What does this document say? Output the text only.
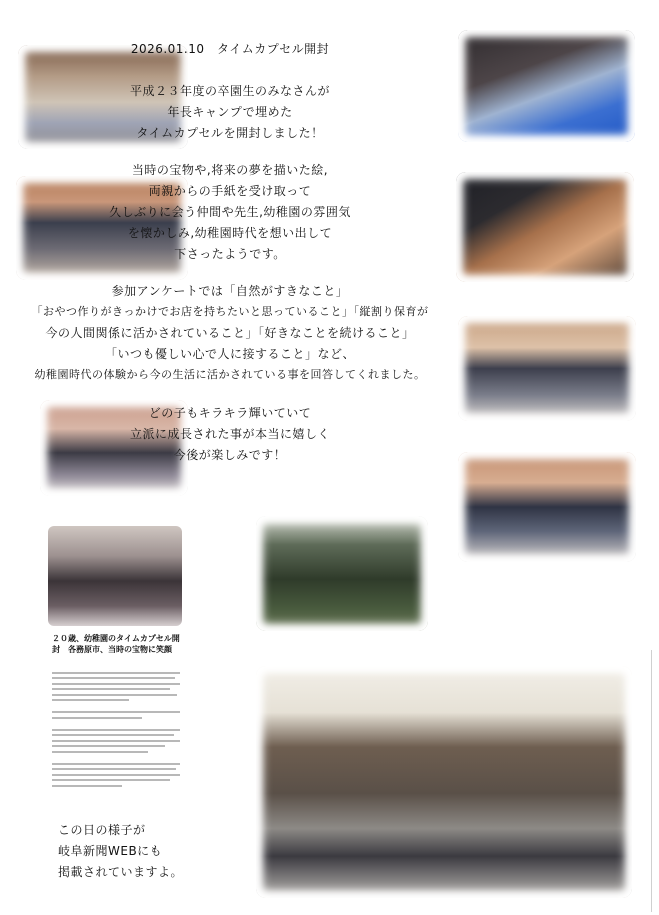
２０歳、幼稚園のタイムカプセル開封　各務原市、当時の宝物に笑顔
2026.01.10　タイムカプセル開封
平成２３年度の卒園生のみなさんが
年長キャンプで埋めた
タイムカプセルを開封しました！
当時の宝物や,将来の夢を描いた絵,
両親からの手紙を受け取って
久しぶりに会う仲間や先生,幼稚園の雰囲気
を懐かしみ,幼稚園時代を想い出して
下さったようです。
参加アンケートでは「自然がすきなこと」
「おやつ作りがきっかけでお店を持ちたいと思っていること」「縦割り保育が
今の人間関係に活かされていること」「好きなことを続けること」
「いつも優しい心で人に接すること」など、
幼稚園時代の体験から今の生活に活かされている事を回答してくれました。
どの子もキラキラ輝いていて
立派に成長された事が本当に嬉しく
今後が楽しみです！
この日の様子が
岐阜新聞WEBにも
掲載されていますよ。
